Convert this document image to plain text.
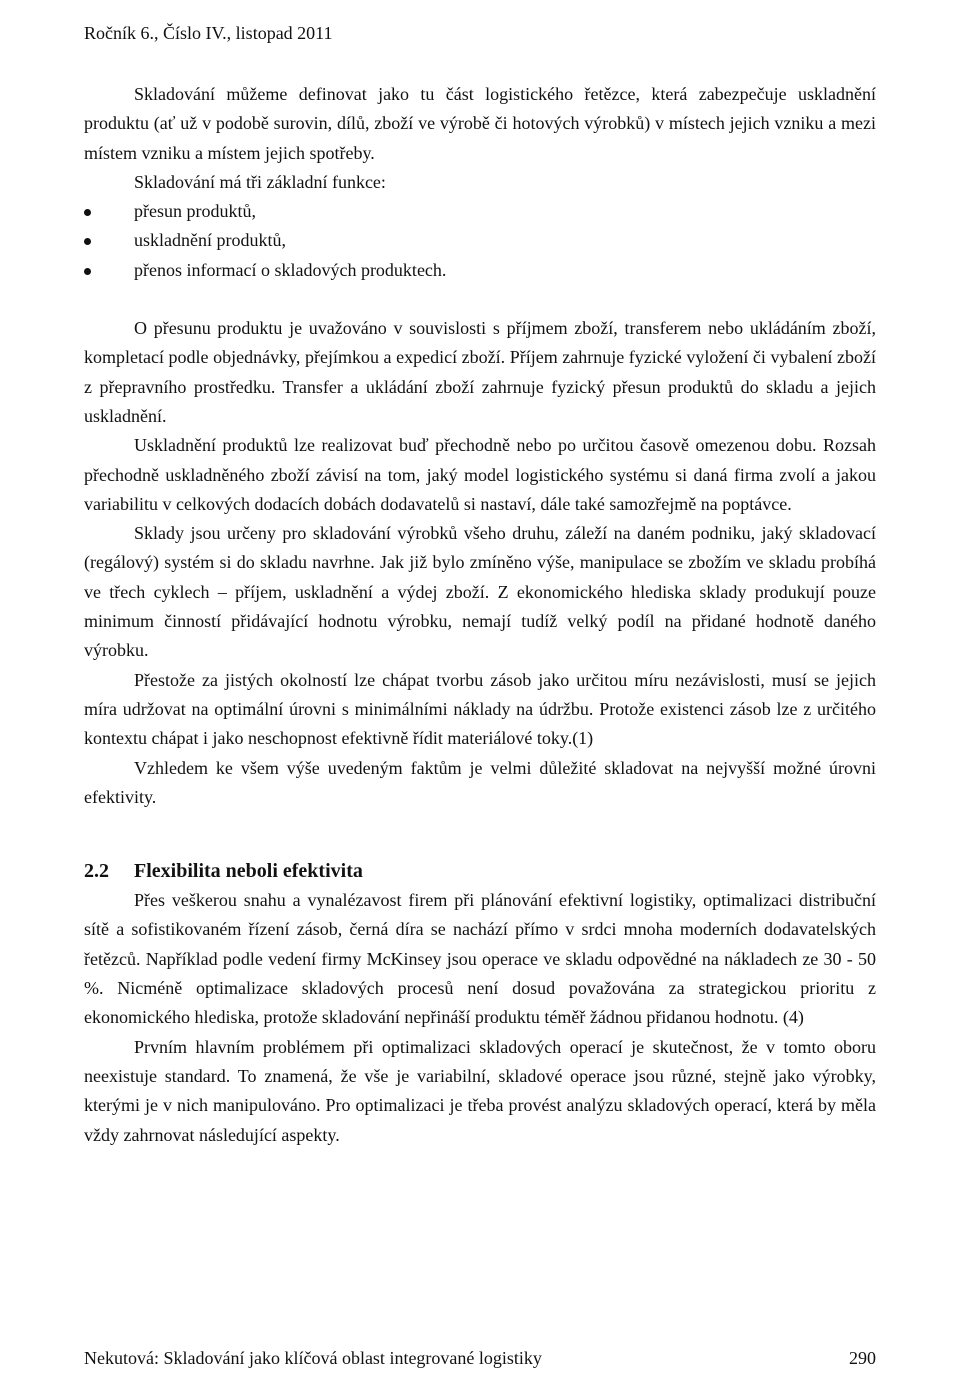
Ročník 6., Číslo IV., listopad 2011

Skladování můžeme definovat jako tu část logistického řetězce, která zabezpečuje uskladnění produktu (ať už v podobě surovin, dílů, zboží ve výrobě či hotových výrobků) v místech jejich vzniku a mezi místem vzniku a místem jejich spotřeby.

Skladování má tři základní funkce:

přesun produktů,
uskladnění produktů,
přenos informací o skladových produktech.

O přesunu produktu je uvažováno v souvislosti s příjmem zboží, transferem nebo ukládáním zboží, kompletací podle objednávky, přejímkou a expedicí zboží. Příjem zahrnuje fyzické vyložení či vybalení zboží z přepravního prostředku. Transfer a ukládání zboží zahrnuje fyzický přesun produktů do skladu a jejich uskladnění.

Uskladnění produktů lze realizovat buď přechodně nebo po určitou časově omezenou dobu. Rozsah přechodně uskladněného zboží závisí na tom, jaký model logistického systému si daná firma zvolí a jakou variabilitu v celkových dodacích dobách dodavatelů si nastaví, dále také samozřejmě na poptávce.

Sklady jsou určeny pro skladování výrobků všeho druhu, záleží na daném podniku, jaký skladovací (regálový) systém si do skladu navrhne. Jak již bylo zmíněno výše, manipulace se zbožím ve skladu probíhá ve třech cyklech – příjem, uskladnění a výdej zboží. Z ekonomického hlediska sklady produkují pouze minimum činností přidávající hodnotu výrobku, nemají tudíž velký podíl na přidané hodnotě daného výrobku.

Přestože za jistých okolností lze chápat tvorbu zásob jako určitou míru nezávislosti, musí se jejich míra udržovat na optimální úrovni s minimálními náklady na údržbu. Protože existenci zásob lze z určitého kontextu chápat i jako neschopnost efektivně řídit materiálové toky.(1)

Vzhledem ke všem výše uvedeným faktům je velmi důležité skladovat na nejvyšší možné úrovni efektivity.

2.2 Flexibilita neboli efektivita

Přes veškerou snahu a vynalézavost firem při plánování efektivní logistiky, optimalizaci distribuční sítě a sofistikovaném řízení zásob, černá díra se nachází přímo v srdci mnoha moderních dodavatelských řetězců. Například podle vedení firmy McKinsey jsou operace ve skladu odpovědné na nákladech ze 30 - 50 %. Nicméně optimalizace skladových procesů není dosud považována za strategickou prioritu z ekonomického hlediska, protože skladování nepřináší produktu téměř žádnou přidanou hodnotu. (4)

Prvním hlavním problémem při optimalizaci skladových operací je skutečnost, že v tomto oboru neexistuje standard. To znamená, že vše je variabilní, skladové operace jsou různé, stejně jako výrobky, kterými je v nich manipulováno. Pro optimalizaci je třeba provést analýzu skladových operací, která by měla vždy zahrnovat následující aspekty.

Nekutová: Skladování jako klíčová oblast integrované logistiky	290
